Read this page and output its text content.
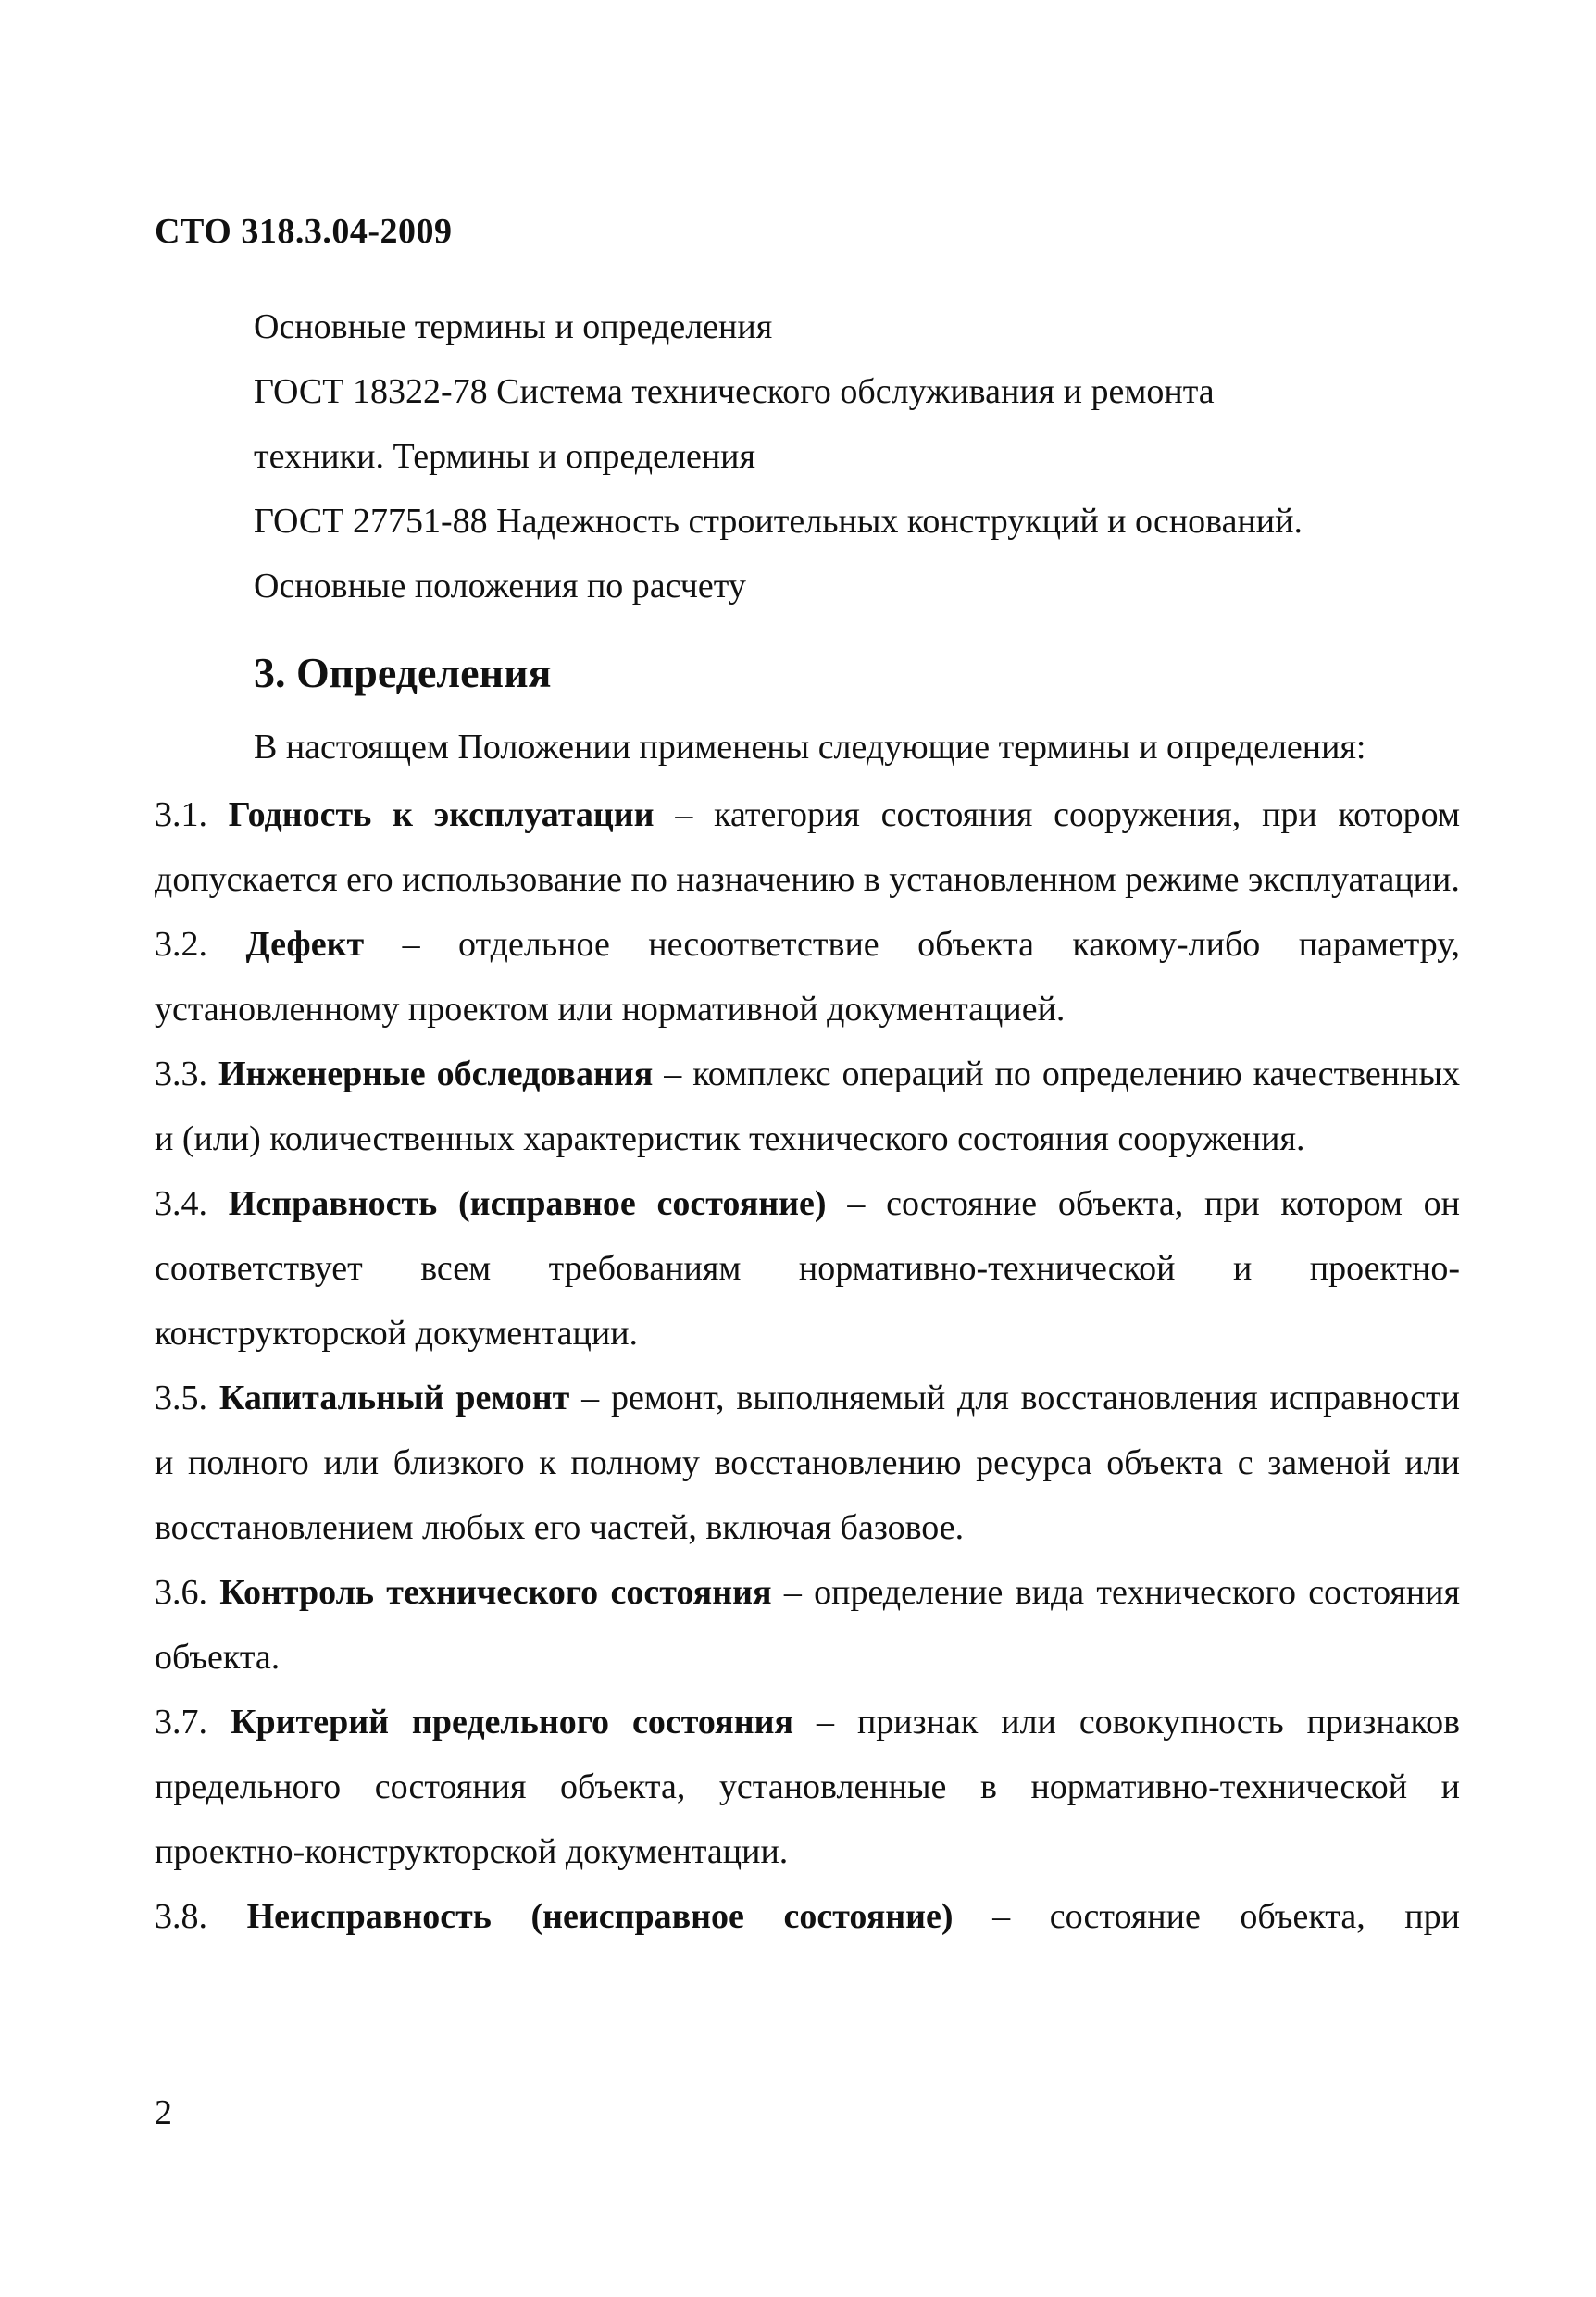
СТО 318.3.04-2009
Основные термины и определения
ГОСТ 18322-78 Система технического обслуживания и ремонта
техники. Термины и определения
ГОСТ 27751-88 Надежность строительных конструкций и оснований.
Основные положения по расчету
3. Определения
В настоящем Положении применены следующие термины и определения:

3.1. Годность к эксплуатации – категория состояния сооружения, при котором допускается его использование по назначению в установленном режиме эксплуатации.

3.2. Дефект – отдельное несоответствие объекта какому-либо параметру, установленному проектом или нормативной документацией.

3.3. Инженерные обследования – комплекс операций по определению качественных и (или) количественных характеристик технического состояния сооружения.

3.4. Исправность (исправное состояние) – состояние объекта, при котором он соответствует всем требованиям нормативно-технической и проектно-конструкторской документации.

3.5. Капитальный ремонт – ремонт, выполняемый для восстановления исправности и полного или близкого к полному восстановлению ресурса объекта с заменой или восстановлением любых его частей, включая базовое.

3.6. Контроль технического состояния – определение вида технического состояния объекта.

3.7. Критерий предельного состояния – признак или совокупность признаков предельного состояния объекта, установленные в нормативно-технической и проектно-конструкторской документации.

3.8. Неисправность (неисправное состояние) – состояние объекта, при

2
